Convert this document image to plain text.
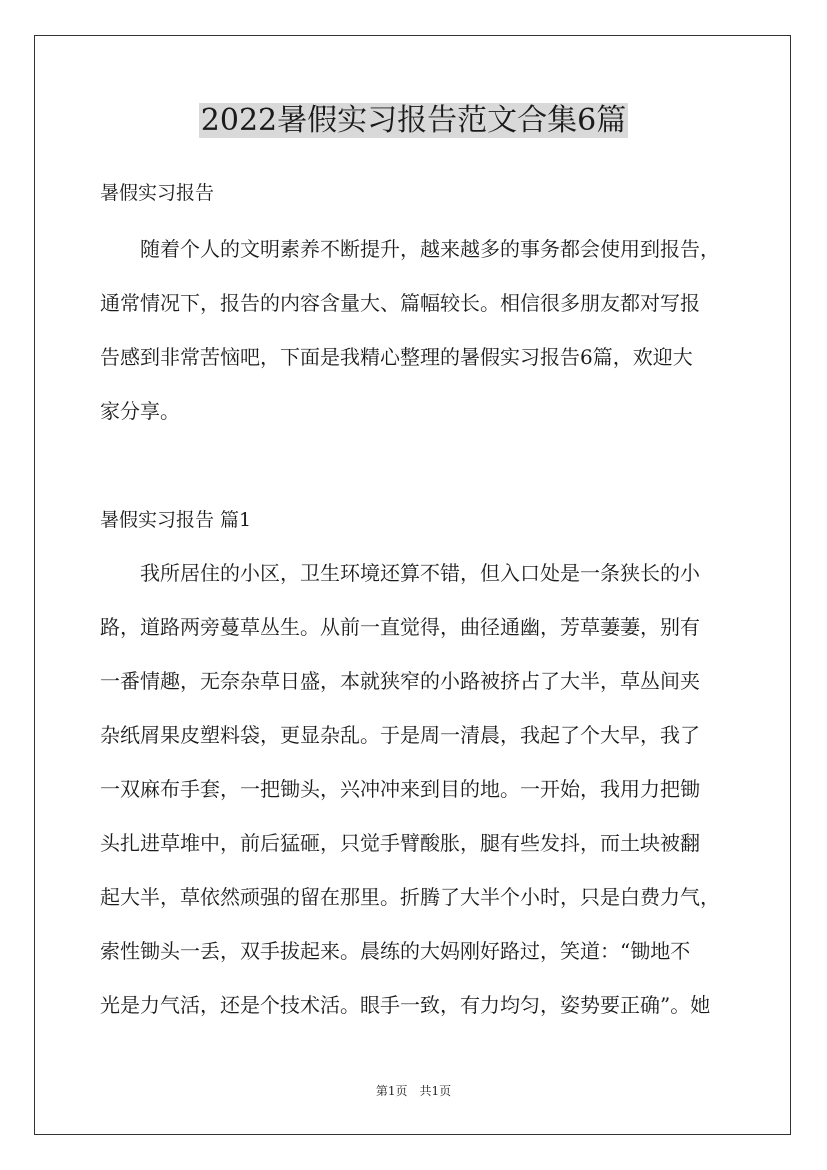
2022暑假实习报告范文合集6篇
暑假实习报告
　　随着个人的文明素养不断提升，越来越多的事务都会使用到报告，
通常情况下，报告的内容含量大、篇幅较长。相信很多朋友都对写报
告感到非常苦恼吧，下面是我精心整理的暑假实习报告6篇，欢迎大
家分享。
暑假实习报告 篇1
　　我所居住的小区，卫生环境还算不错，但入口处是一条狭长的小
路，道路两旁蔓草丛生。从前一直觉得，曲径通幽，芳草萋萋，别有
一番情趣，无奈杂草日盛，本就狭窄的小路被挤占了大半，草丛间夹
杂纸屑果皮塑料袋，更显杂乱。于是周一清晨，我起了个大早，我了
一双麻布手套，一把锄头，兴冲冲来到目的地。一开始，我用力把锄
头扎进草堆中，前后猛砸，只觉手臂酸胀，腿有些发抖，而土块被翻
起大半，草依然顽强的留在那里。折腾了大半个小时，只是白费力气，
索性锄头一丢，双手拔起来。晨练的大妈刚好路过，笑道：“锄地不
光是力气活，还是个技术活。眼手一致，有力均匀，姿势要正确”。她
第1页　共1页
